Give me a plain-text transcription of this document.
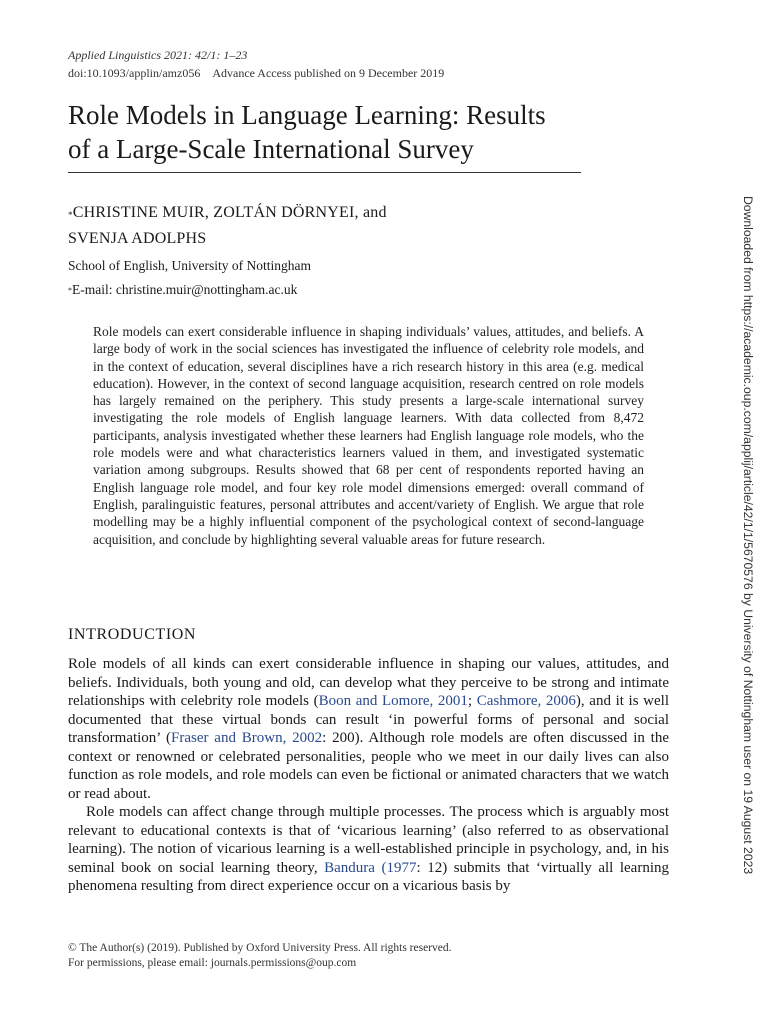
Applied Linguistics 2021: 42/1: 1–23
doi:10.1093/applin/amz056 Advance Access published on 9 December 2019
Role Models in Language Learning: Results
of a Large-Scale International Survey
*CHRISTINE MUIR, ZOLTÁN DÖRNYEI, and
SVENJA ADOLPHS
School of English, University of Nottingham
*E-mail: christine.muir@nottingham.ac.uk

Role models can exert considerable influence in shaping individuals’ values, attitudes, and beliefs. A large body of work in the social sciences has investigated the influence of celebrity role models, and in the context of education, several disciplines have a rich research history in this area (e.g. medical education). However, in the context of second language acquisition, research centred on role models has largely remained on the periphery. This study presents a large-scale international survey investigating the role models of English language learners. With data collected from 8,472 participants, analysis investigated whether these learners had English language role models, who the role models were and what characteristics learners valued in them, and investigated systematic variation among subgroups. Results showed that 68 per cent of respondents reported having an English language role model, and four key role model dimensions emerged: overall command of English, paralinguistic features, personal attributes and accent/variety of English. We argue that role modelling may be a highly influential component of the psychological context of second-language acquisition, and conclude by highlighting several valuable areas for future research.

INTRODUCTION

Role models of all kinds can exert considerable influence in shaping our values, attitudes, and beliefs. Individuals, both young and old, can develop what they perceive to be strong and intimate relationships with celebrity role models (Boon and Lomore, 2001; Cashmore, 2006), and it is well documented that these virtual bonds can result ‘in powerful forms of personal and social transformation’ (Fraser and Brown, 2002: 200). Although role models are often discussed in the context or renowned or celebrated personalities, people who we meet in our daily lives can also function as role models, and role models can even be fictional or animated characters that we watch or read about.

Role models can affect change through multiple processes. The process which is arguably most relevant to educational contexts is that of ‘vicarious learning’ (also referred to as observational learning). The notion of vicarious learning is a well-established principle in psychology, and, in his seminal book on social learning theory, Bandura (1977: 12) submits that ‘virtually all learning phenomena resulting from direct experience occur on a vicarious basis by

© The Author(s) (2019). Published by Oxford University Press. All rights reserved.
For permissions, please email: journals.permissions@oup.com
Downloaded from https://academic.oup.com/applij/article/42/1/1/5670576 by University of Nottingham user on 19 August 2023
